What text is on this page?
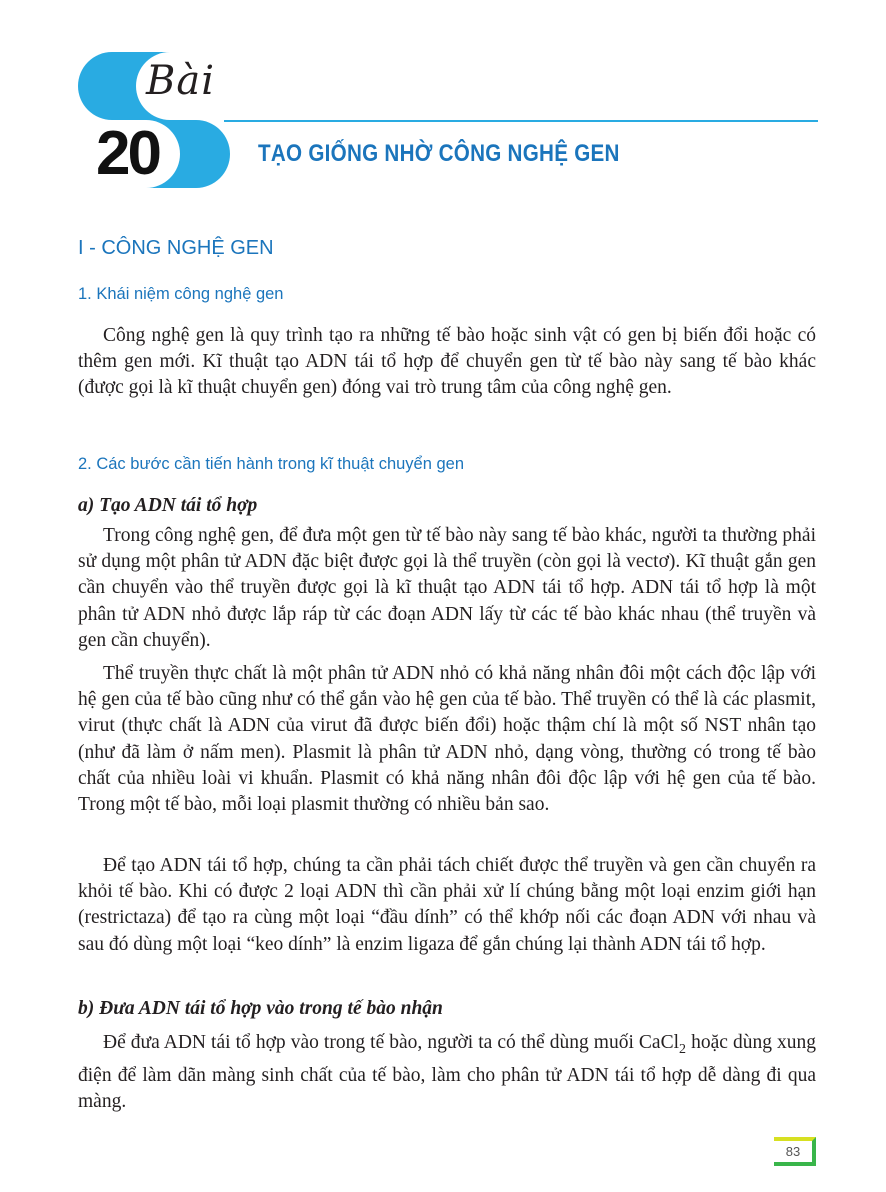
Bài
20	TẠO GIỐNG NHỜ CÔNG NGHỆ GEN
I - CÔNG NGHỆ GEN
1. Khái niệm công nghệ gen

Công nghệ gen là quy trình tạo ra những tế bào hoặc sinh vật có gen bị biến đổi hoặc có thêm gen mới. Kĩ thuật tạo ADN tái tổ hợp để chuyển gen từ tế bào này sang tế bào khác (được gọi là kĩ thuật chuyển gen) đóng vai trò trung tâm của công nghệ gen.

2. Các bước cần tiến hành trong kĩ thuật chuyển gen
a) Tạo ADN tái tổ hợp

Trong công nghệ gen, để đưa một gen từ tế bào này sang tế bào khác, người ta thường phải sử dụng một phân tử ADN đặc biệt được gọi là thể truyền (còn gọi là vectơ). Kĩ thuật gắn gen cần chuyển vào thể truyền được gọi là kĩ thuật tạo ADN tái tổ hợp. ADN tái tổ hợp là một phân tử ADN nhỏ được lắp ráp từ các đoạn ADN lấy từ các tế bào khác nhau (thể truyền và gen cần chuyển).

Thể truyền thực chất là một phân tử ADN nhỏ có khả năng nhân đôi một cách độc lập với hệ gen của tế bào cũng như có thể gắn vào hệ gen của tế bào. Thể truyền có thể là các plasmit, virut (thực chất là ADN của virut đã được biến đổi) hoặc thậm chí là một số NST nhân tạo (như đã làm ở nấm men). Plasmit là phân tử ADN nhỏ, dạng vòng, thường có trong tế bào chất của nhiều loài vi khuẩn. Plasmit có khả năng nhân đôi độc lập với hệ gen của tế bào. Trong một tế bào, mỗi loại plasmit thường có nhiều bản sao.

Để tạo ADN tái tổ hợp, chúng ta cần phải tách chiết được thể truyền và gen cần chuyển ra khỏi tế bào. Khi có được 2 loại ADN thì cần phải xử lí chúng bằng một loại enzim giới hạn (restrictaza) để tạo ra cùng một loại “đầu dính” có thể khớp nối các đoạn ADN với nhau và sau đó dùng một loại “keo dính” là enzim ligaza để gắn chúng lại thành ADN tái tổ hợp.

b) Đưa ADN tái tổ hợp vào trong tế bào nhận

Để đưa ADN tái tổ hợp vào trong tế bào, người ta có thể dùng muối CaCl$_2$ hoặc dùng xung điện để làm dãn màng sinh chất của tế bào, làm cho phân tử ADN tái tổ hợp dễ dàng đi qua màng.

83
